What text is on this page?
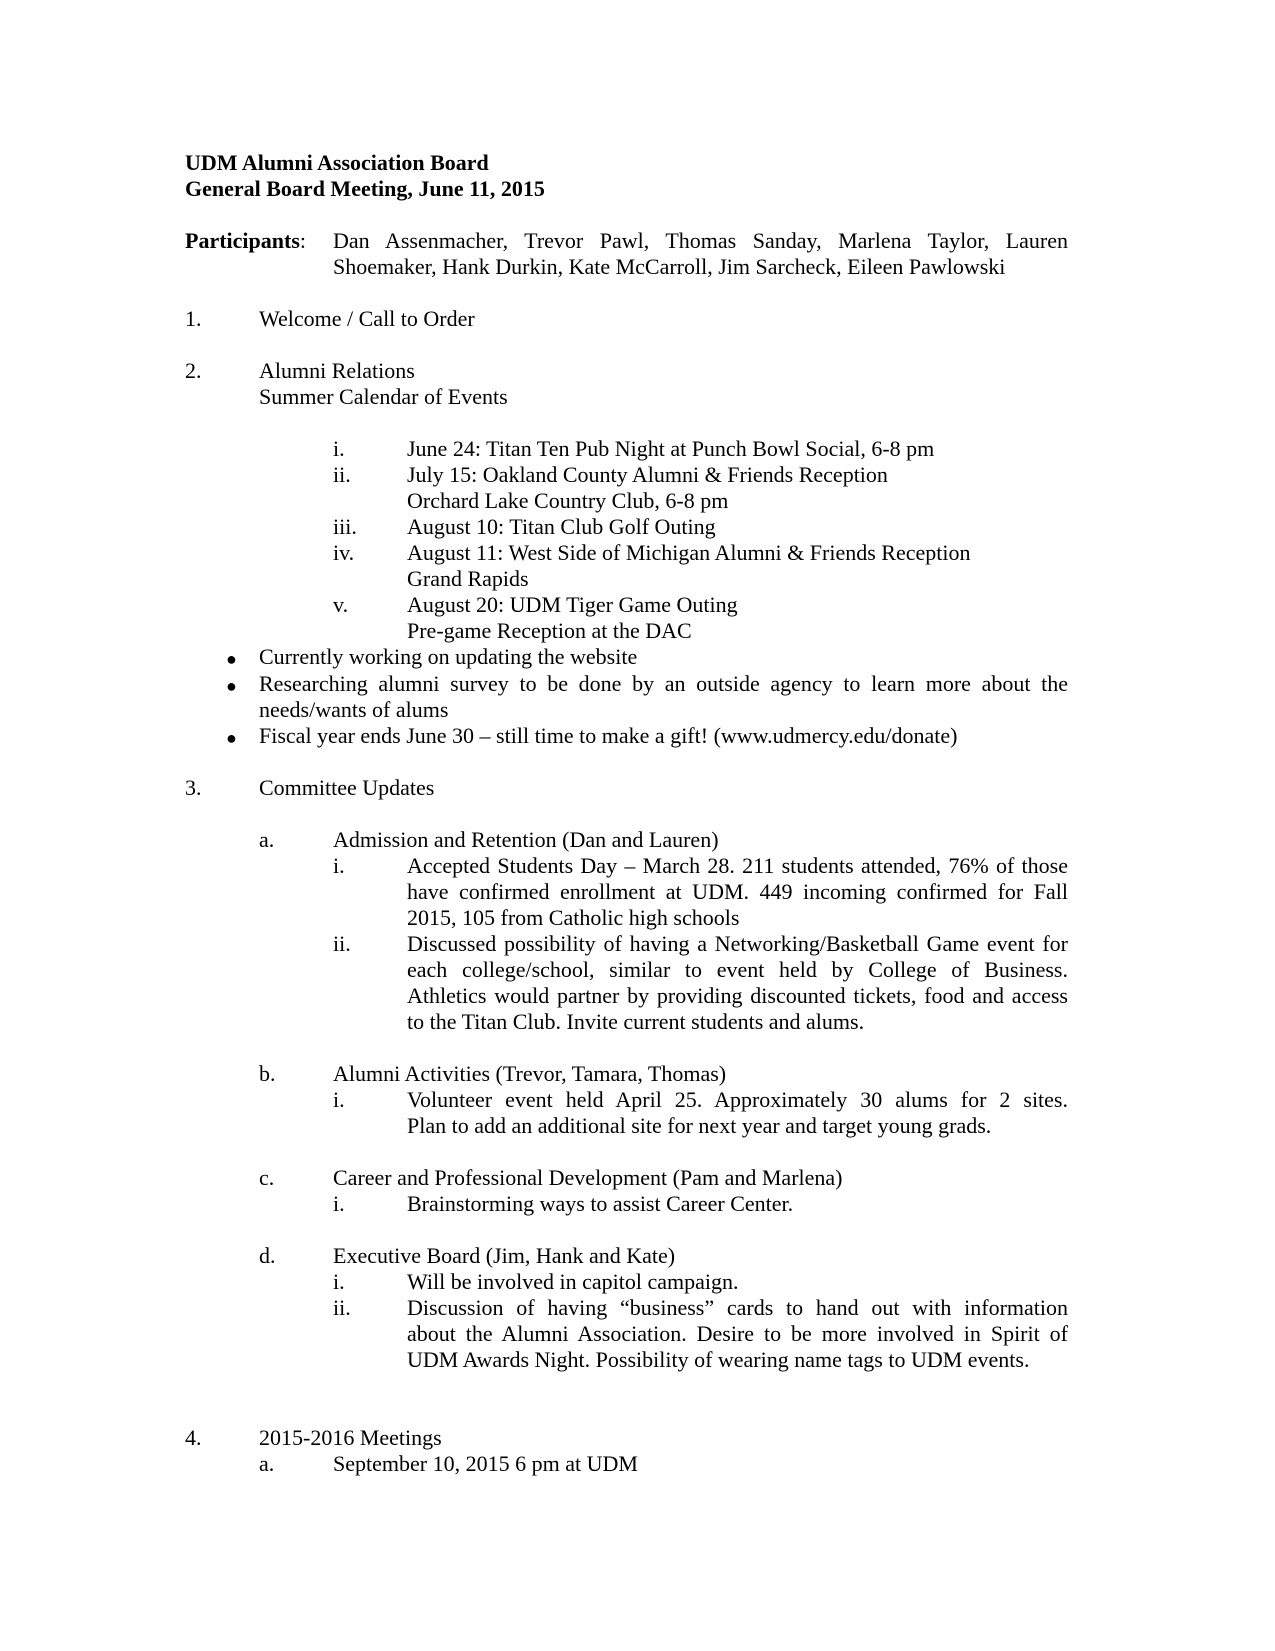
UDM Alumni Association Board
General Board Meeting, June 11, 2015
Participants: Dan Assenmacher, Trevor Pawl, Thomas Sanday, Marlena Taylor, Lauren
Shoemaker, Hank Durkin, Kate McCarroll, Jim Sarcheck, Eileen Pawlowski
1.	Welcome / Call to Order
2.	Alumni Relations
Summer Calendar of Events
i.	June 24: Titan Ten Pub Night at Punch Bowl Social, 6-8 pm
ii.	July 15: Oakland County Alumni & Friends Reception
Orchard Lake Country Club, 6-8 pm
iii. August 10: Titan Club Golf Outing
iv. August 11: West Side of Michigan Alumni & Friends Reception
Grand Rapids
v.	August 20: UDM Tiger Game Outing
Pre-game Reception at the DAC
● Currently working on updating the website
● Researching alumni survey to be done by an outside agency to learn more about the
needs/wants of alums
● Fiscal year ends June 30 – still time to make a gift! (www.udmercy.edu/donate)
3.	Committee Updates
a.	Admission and Retention (Dan and Lauren)
i.	Accepted Students Day – March 28. 211 students attended, 76% of those
have confirmed enrollment at UDM. 449 incoming confirmed for Fall
2015, 105 from Catholic high schools
ii.	Discussed possibility of having a Networking/Basketball Game event for
each college/school, similar to event held by College of Business.
Athletics would partner by providing discounted tickets, food and access
to the Titan Club. Invite current students and alums.
b.	Alumni Activities (Trevor, Tamara, Thomas)
i.	Volunteer event held April 25. Approximately 30 alums for 2 sites.
Plan to add an additional site for next year and target young grads.
c.	Career and Professional Development (Pam and Marlena)
i.	Brainstorming ways to assist Career Center.
d.	Executive Board (Jim, Hank and Kate)
i.	Will be involved in capitol campaign.
ii.	Discussion of having “business” cards to hand out with information
about the Alumni Association. Desire to be more involved in Spirit of
UDM Awards Night. Possibility of wearing name tags to UDM events.
4.	2015-2016 Meetings
a.	September 10, 2015 6 pm at UDM
